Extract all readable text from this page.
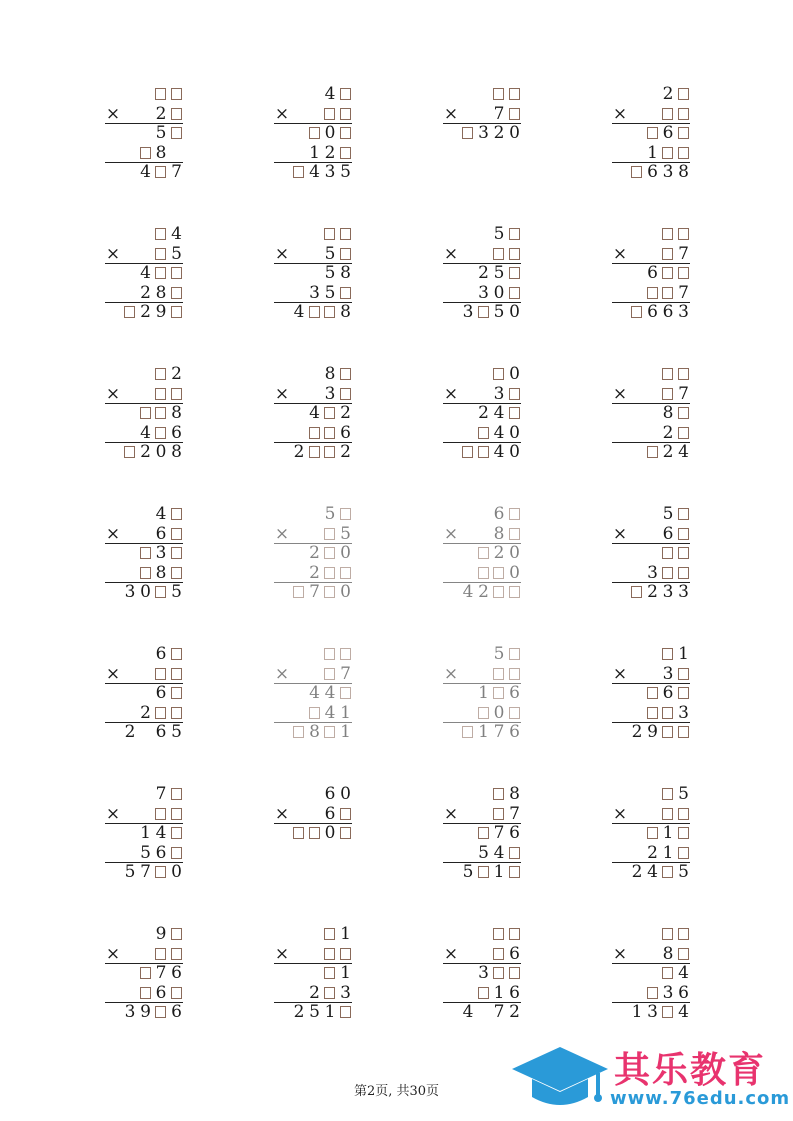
× 2
5
8
4 7
4
×
0
1 2
4 3 5
× 7
3 2 0
2
×
6
1
6 3 8
4
×	5
4
2 8
2 9
× 5
5 8
3 5
4 8
5
×
2 5
3 0
3 5 0
×	7
6
7
6 6 3
2
×
8
4 6
2 0 8
8
× 3
4 2
6
2 2
0
× 3
2 4
4 0
4 0
×	7
8
2
2 4
4
× 6
3
8
3 0 5
5
×	5
2 0
2
7 0
6
× 8
2 0
0
4 2
5
× 6
3
2 3 3
6
×
6
2
2 6 5
×	7
4 4
4 1
8 1
5
×
1 6
0
1 7 6
1
× 3
6
3
2 9
7
×
1 4
5 6
5 7 0
6 0
× 6
0
8
×	7
7 6
5 4
5 1
5
×
1
2 1
2 4 5
9
×
7 6
6
3 9 6
1
×
1
2 3
2 5 1
×	6
3
1 6
4 7 2
× 8
4
3 6
1 3 4
第2页, 共30页
其乐教育
www.76edu.com
